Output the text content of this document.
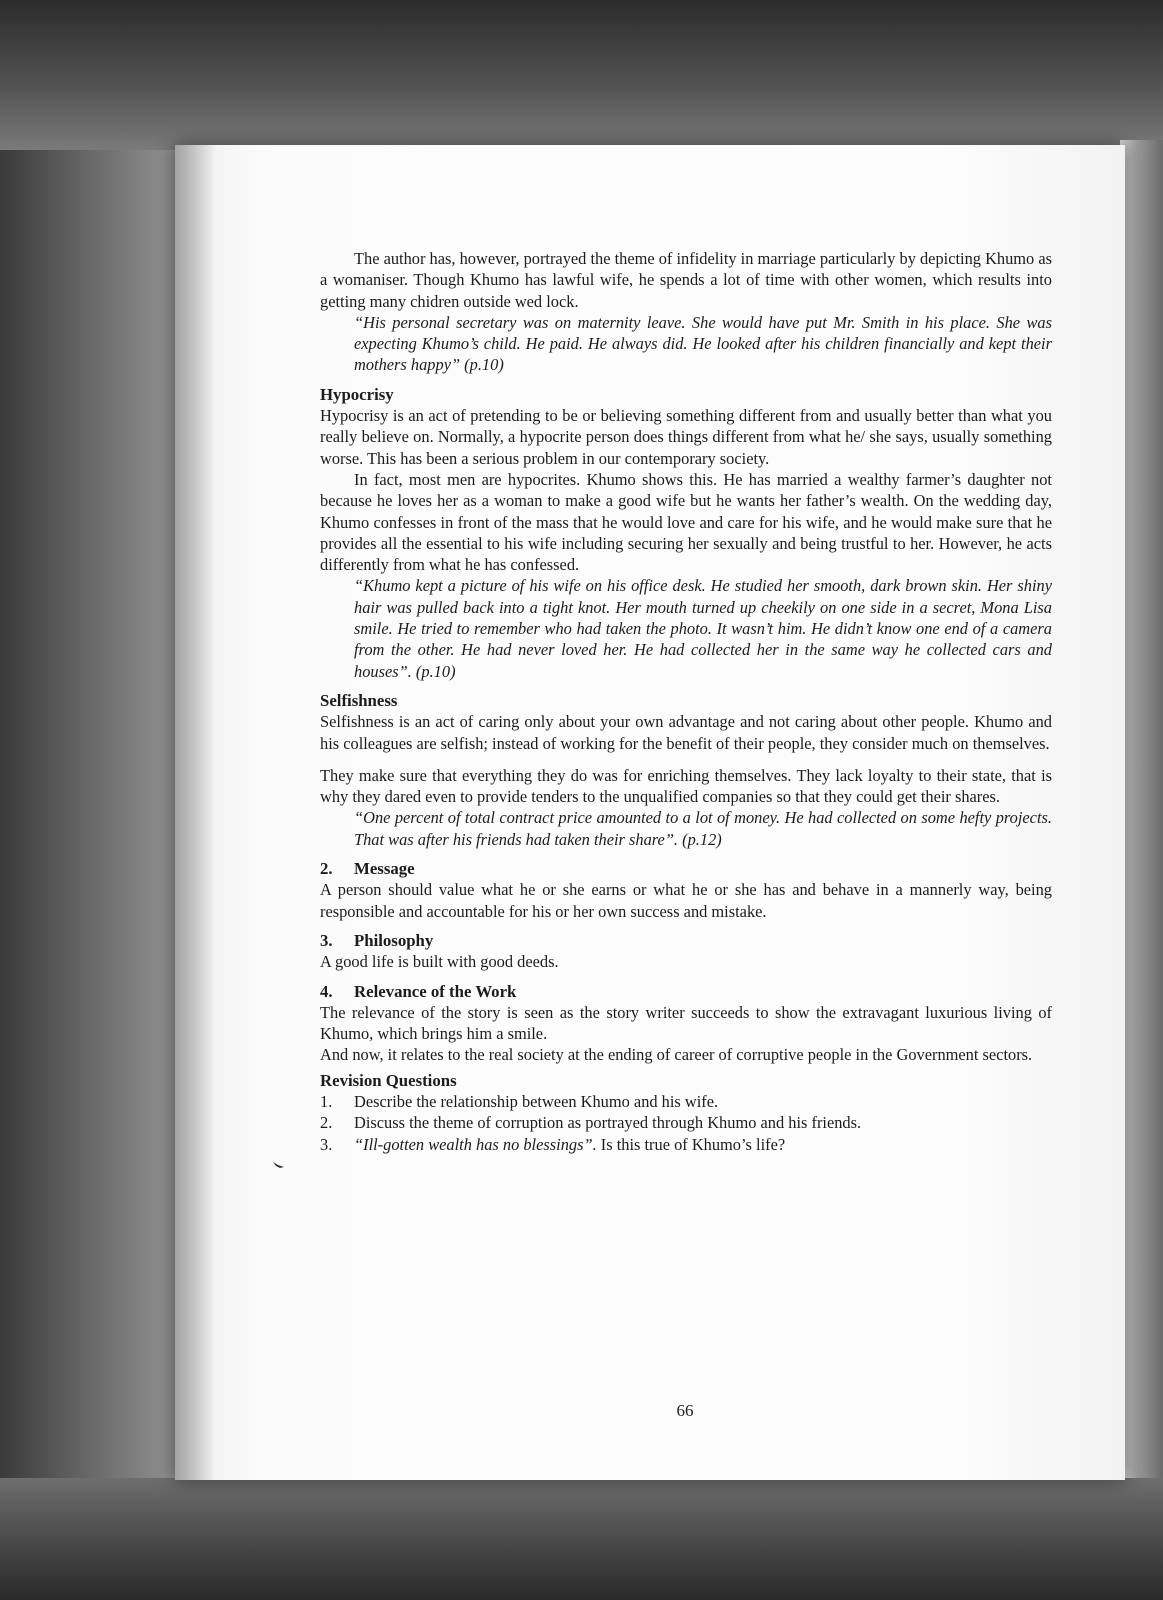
The author has, however, portrayed the theme of infidelity in marriage particularly by depicting Khumo as a womaniser. Though Khumo has lawful wife, he spends a lot of time with other women, which results into getting many chidren outside wed lock.

“His personal secretary was on maternity leave. She would have put Mr. Smith in his place. She was expecting Khumo’s child. He paid. He always did. He looked after his children financially and kept their mothers happy” (p.10)

Hypocrisy

Hypocrisy is an act of pretending to be or believing something different from and usually better than what you really believe on. Normally, a hypocrite person does things different from what he/ she says, usually something worse. This has been a serious problem in our contemporary society.

In fact, most men are hypocrites. Khumo shows this. He has married a wealthy farmer’s daughter not because he loves her as a woman to make a good wife but he wants her father’s wealth. On the wedding day, Khumo confesses in front of the mass that he would love and care for his wife, and he would make sure that he provides all the essential to his wife including securing her sexually and being trustful to her. However, he acts differently from what he has confessed.

“Khumo kept a picture of his wife on his office desk. He studied her smooth, dark brown skin. Her shiny hair was pulled back into a tight knot. Her mouth turned up cheekily on one side in a secret, Mona Lisa smile. He tried to remember who had taken the photo. It wasn’t him. He didn’t know one end of a camera from the other. He had never loved her. He had collected her in the same way he collected cars and houses”. (p.10)

Selfishness

Selfishness is an act of caring only about your own advantage and not caring about other people. Khumo and his colleagues are selfish; instead of working for the benefit of their people, they consider much on themselves.

They make sure that everything they do was for enriching themselves. They lack loyalty to their state, that is why they dared even to provide tenders to the unqualified companies so that they could get their shares.

“One percent of total contract price amounted to a lot of money. He had collected on some hefty projects. That was after his friends had taken their share”. (p.12)

2.	Message

A person should value what he or she earns or what he or she has and behave in a mannerly way, being responsible and accountable for his or her own success and mistake.

3.	Philosophy

A good life is built with good deeds.

4.	Relevance of the Work

The relevance of the story is seen as the story writer succeeds to show the extravagant luxurious living of Khumo, which brings him a smile.

And now, it relates to the real society at the ending of career of corruptive people in the Government sectors.

Revision Questions
1.	Describe the relationship between Khumo and his wife.
2.	Discuss the theme of corruption as portrayed through Khumo and his friends.
3.	“Ill-gotten wealth has no blessings”. Is this true of Khumo’s life?
66
